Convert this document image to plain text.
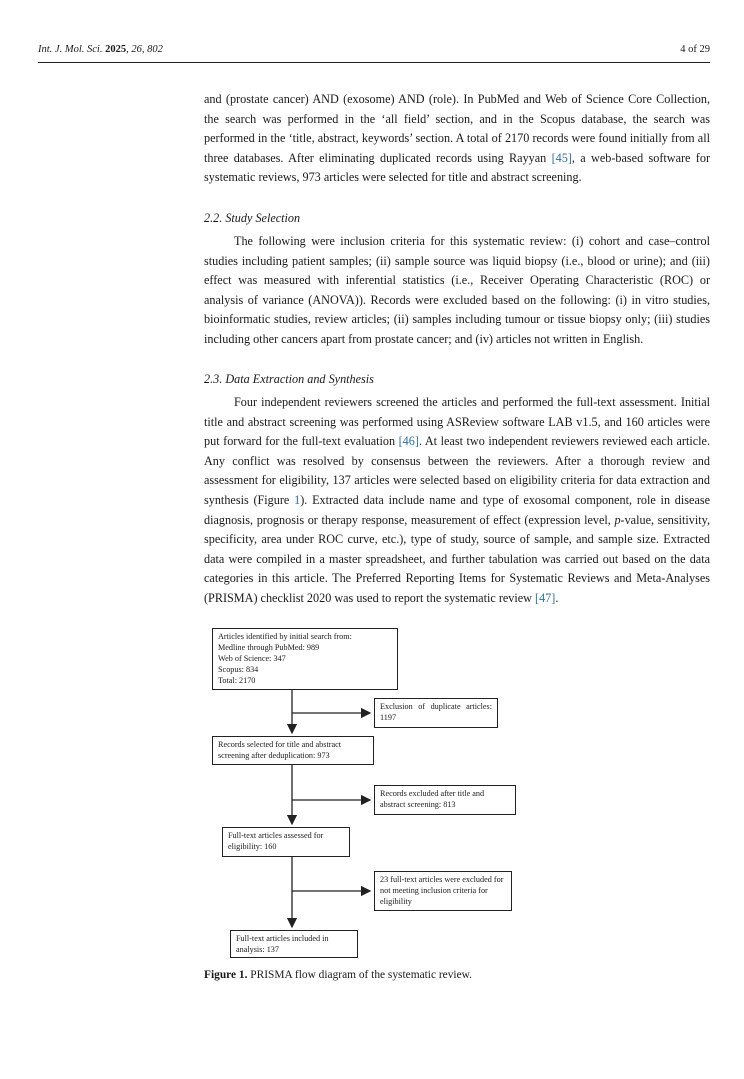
Int. J. Mol. Sci. 2025, 26, 802	4 of 29

and (prostate cancer) AND (exosome) AND (role). In PubMed and Web of Science Core Collection, the search was performed in the ‘all field’ section, and in the Scopus database, the search was performed in the ‘title, abstract, keywords’ section. A total of 2170 records were found initially from all three databases. After eliminating duplicated records using Rayyan [45], a web-based software for systematic reviews, 973 articles were selected for title and abstract screening.

2.2. Study Selection

The following were inclusion criteria for this systematic review: (i) cohort and case–control studies including patient samples; (ii) sample source was liquid biopsy (i.e., blood or urine); and (iii) effect was measured with inferential statistics (i.e., Receiver Operating Characteristic (ROC) or analysis of variance (ANOVA)). Records were excluded based on the following: (i) in vitro studies, bioinformatic studies, review articles; (ii) samples including tumour or tissue biopsy only; (iii) studies including other cancers apart from prostate cancer; and (iv) articles not written in English.

2.3. Data Extraction and Synthesis

Four independent reviewers screened the articles and performed the full-text assessment. Initial title and abstract screening was performed using ASReview software LAB v1.5, and 160 articles were put forward for the full-text evaluation [46]. At least two independent reviewers reviewed each article. Any conflict was resolved by consensus between the reviewers. After a thorough review and assessment for eligibility, 137 articles were selected based on eligibility criteria for data extraction and synthesis (Figure 1). Extracted data include name and type of exosomal component, role in disease diagnosis, prognosis or therapy response, measurement of effect (expression level, p-value, sensitivity, specificity, area under ROC curve, etc.), type of study, source of sample, and sample size. Extracted data were compiled in a master spreadsheet, and further tabulation was carried out based on the data categories in this article. The Preferred Reporting Items for Systematic Reviews and Meta-Analyses (PRISMA) checklist 2020 was used to report the systematic review [47].

Articles identified by initial search from:
Medline through PubMed: 989
Web of Science: 347
Scopus: 834
Total: 2170
Exclusion of duplicate articles: 1197
Records selected for title and abstract screening after deduplication: 973
Records excluded after title and abstract screening: 813
Full-text articles assessed for eligibility: 160
23 full-text articles were excluded for not meeting inclusion criteria for eligibility
Full-text articles included in analysis: 137
Figure 1. PRISMA flow diagram of the systematic review.
